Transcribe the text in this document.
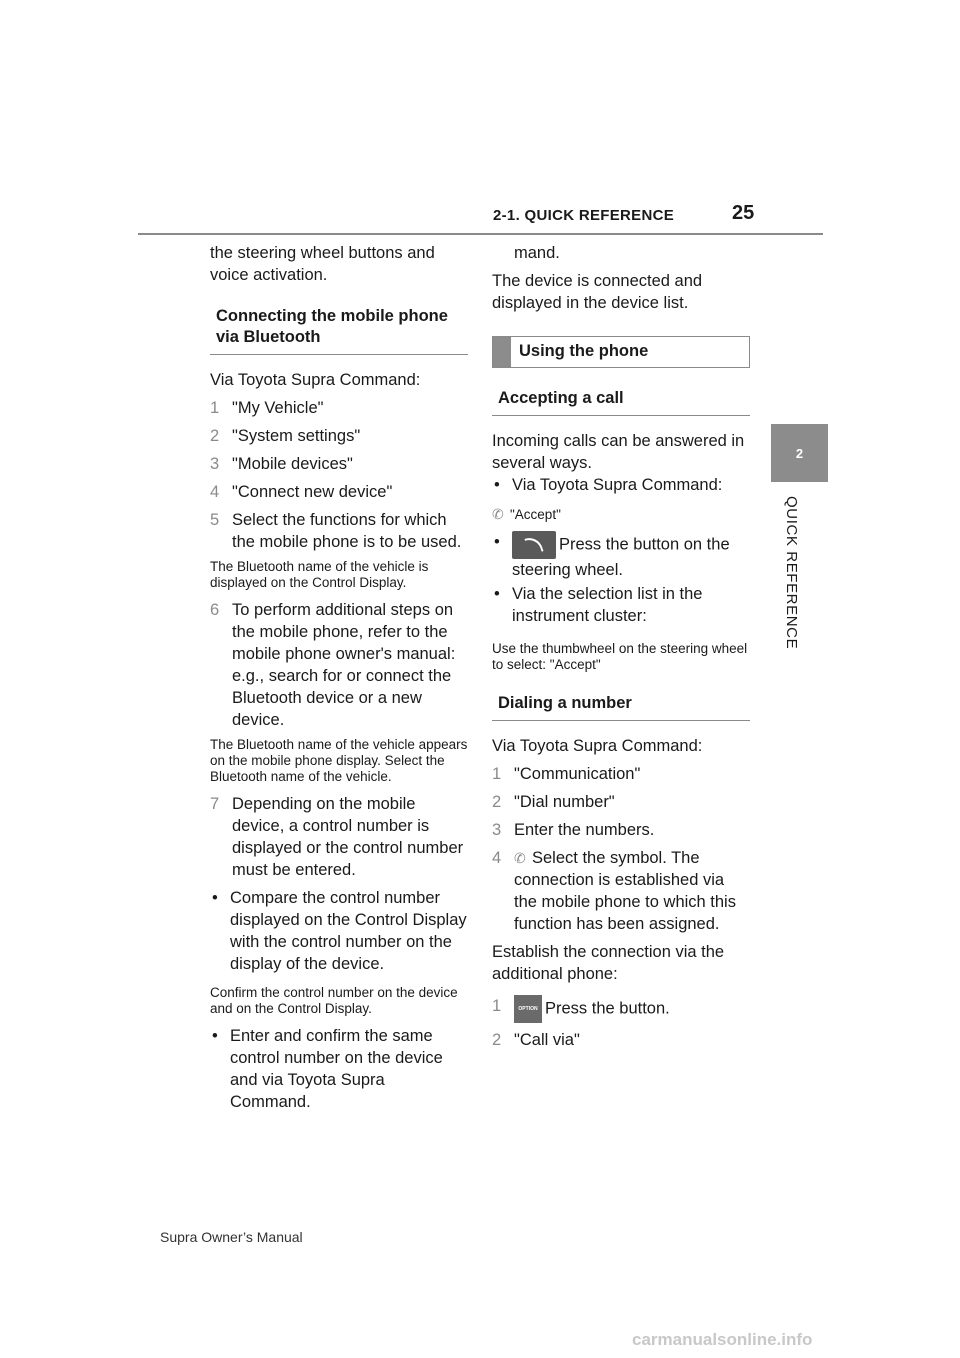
2-1. QUICK REFERENCE	25
2
QUICK REFERENCE

the steering wheel buttons and voice activation.

Connecting the mobile phone via Bluetooth

Via Toyota Supra Command:

1 "My Vehicle"
2 "System settings"
3 "Mobile devices"
4 "Connect new device"
5 Select the functions for which the mobile phone is to be used.

The Bluetooth name of the vehicle is displayed on the Control Display.

6 To perform additional steps on the mobile phone, refer to the mobile phone owner's manual: e.g., search for or connect the Bluetooth device or a new device.

The Bluetooth name of the vehicle appears on the mobile phone display. Select the Bluetooth name of the vehicle.

7 Depending on the mobile device, a control number is displayed or the control number must be entered.
• Compare the control number displayed on the Control Display with the control number on the display of the device.

Confirm the control number on the device and on the Control Display.

• Enter and confirm the same control number on the device and via Toyota Supra Command.
mand.

The device is connected and displayed in the device list.

Using the phone
Accepting a call

Incoming calls can be answered in several ways.

• Via Toyota Supra Command:

✆ "Accept"

•	Press the button on the steering wheel.
• Via the selection list in the instrument cluster:

Use the thumbwheel on the steering wheel to select: "Accept"

Dialing a number

Via Toyota Supra Command:

1 "Communication"
2 "Dial number"
3 Enter the numbers.
4 ✆ Select the symbol. The connection is established via the mobile phone to which this function has been assigned.

Establish the connection via the additional phone:

1	OPTION Press the button.
2 "Call via"
Supra Owner’s Manual
carmanualsonline.info
